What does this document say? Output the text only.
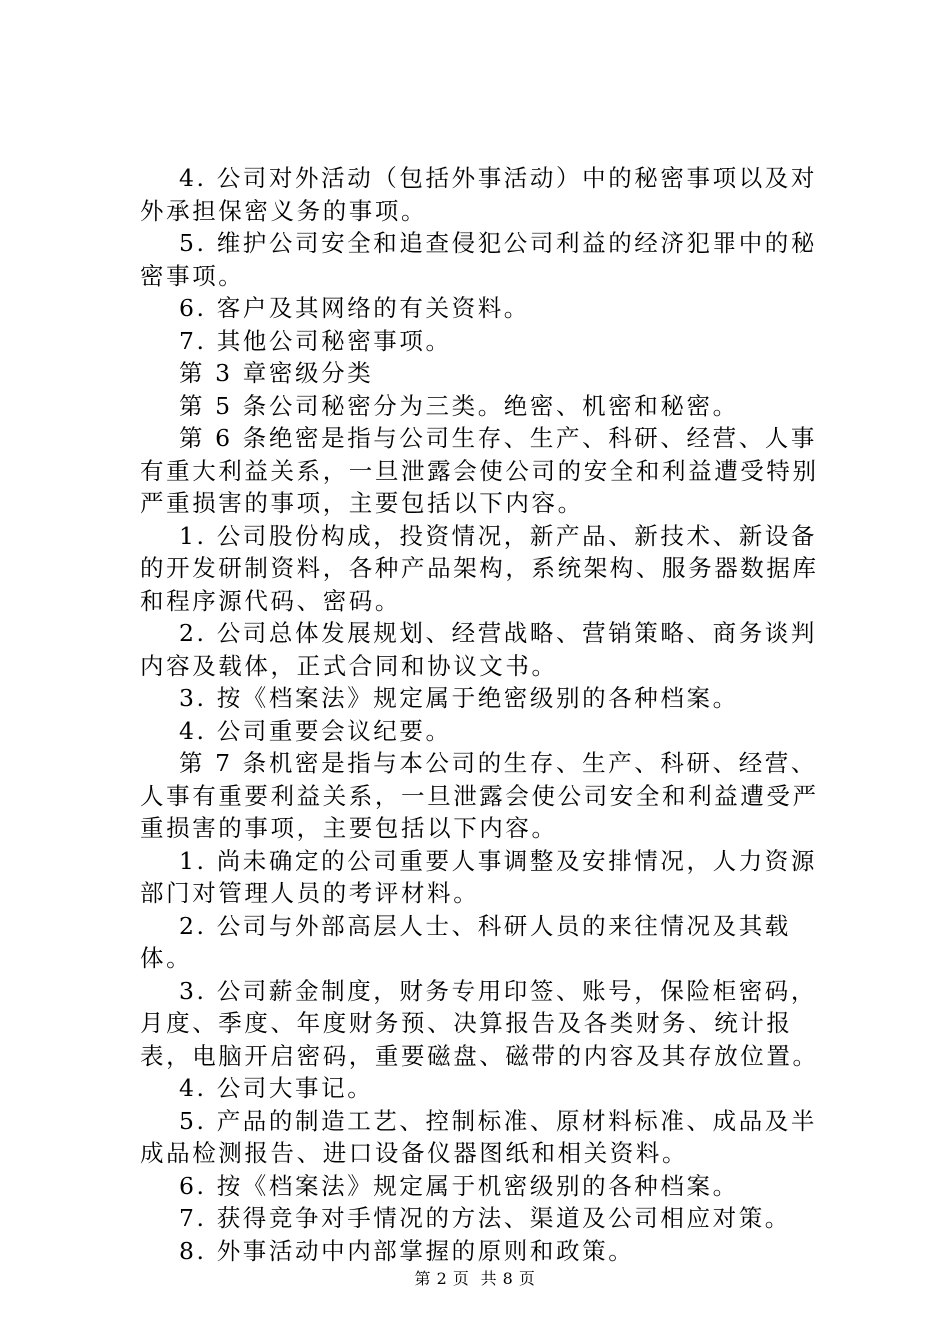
4. 公司对外活动（包括外事活动）中的秘密事项以及对外承担保密义务的事项。

5. 维护公司安全和追查侵犯公司利益的经济犯罪中的秘密事项。

6. 客户及其网络的有关资料。

7. 其他公司秘密事项。

第 3 章密级分类

第 5 条公司秘密分为三类。绝密、机密和秘密。

第 6 条绝密是指与公司生存、生产、科研、经营、人事有重大利益关系，一旦泄露会使公司的安全和利益遭受特别严重损害的事项，主要包括以下内容。

1. 公司股份构成，投资情况，新产品、新技术、新设备的开发研制资料，各种产品架构，系统架构、服务器数据库和程序源代码、密码。

2. 公司总体发展规划、经营战略、营销策略、商务谈判内容及载体，正式合同和协议文书。

3. 按《档案法》规定属于绝密级别的各种档案。

4. 公司重要会议纪要。

第 7 条机密是指与本公司的生存、生产、科研、经营、人事有重要利益关系，一旦泄露会使公司安全和利益遭受严重损害的事项，主要包括以下内容。

1. 尚未确定的公司重要人事调整及安排情况，人力资源部门对管理人员的考评材料。

2. 公司与外部高层人士、科研人员的来往情况及其载体。

3. 公司薪金制度，财务专用印签、账号，保险柜密码，月度、季度、年度财务预、决算报告及各类财务、统计报表，电脑开启密码，重要磁盘、磁带的内容及其存放位置。

4. 公司大事记。

5. 产品的制造工艺、控制标准、原材料标准、成品及半成品检测报告、进口设备仪器图纸和相关资料。

6. 按《档案法》规定属于机密级别的各种档案。

7. 获得竞争对手情况的方法、渠道及公司相应对策。

8. 外事活动中内部掌握的原则和政策。

第 2 页  共 8 页
